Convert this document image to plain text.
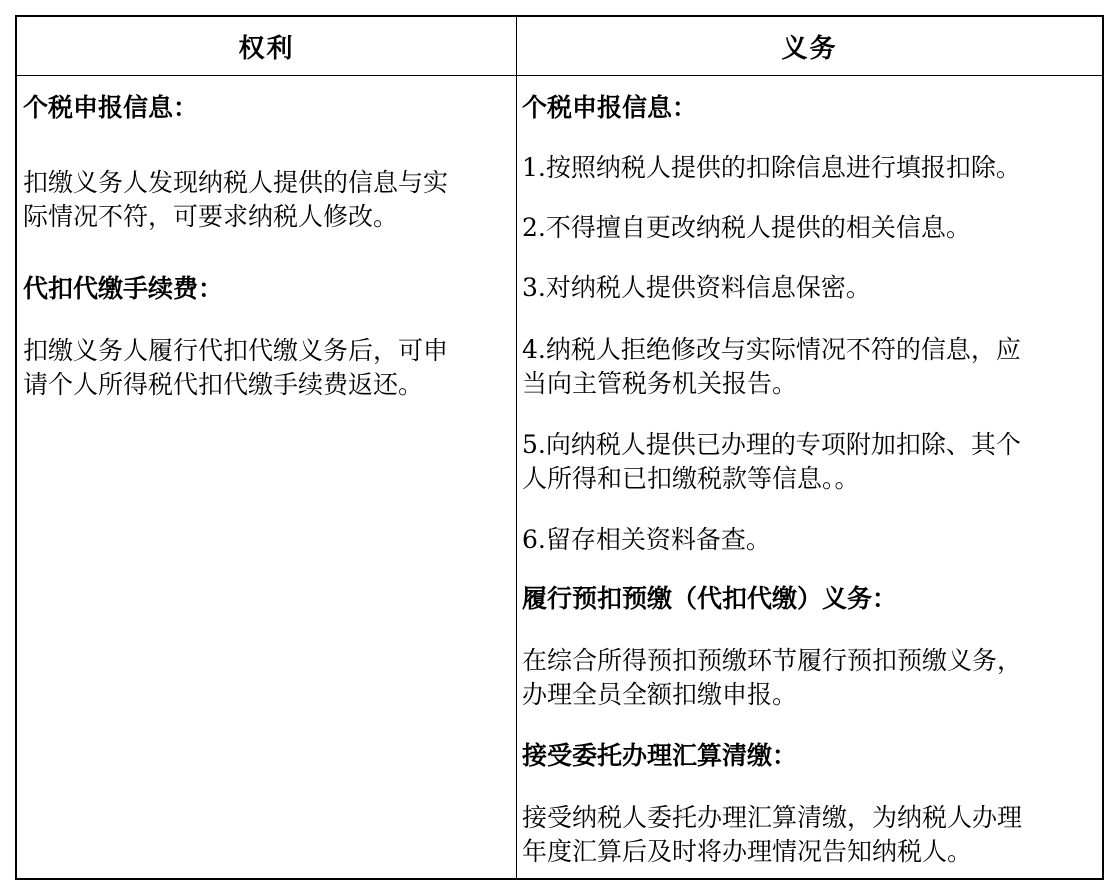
权利	义务
个税申报信息：
扣缴义务人发现纳税人提供的信息与实
际情况不符，可要求纳税人修改。
代扣代缴手续费：
扣缴义务人履行代扣代缴义务后，可申
请个人所得税代扣代缴手续费返还。
个税申报信息：
1.按照纳税人提供的扣除信息进行填报扣除。
2.不得擅自更改纳税人提供的相关信息。
3.对纳税人提供资料信息保密。
4.纳税人拒绝修改与实际情况不符的信息，应
当向主管税务机关报告。
5.向纳税人提供已办理的专项附加扣除、其个
人所得和已扣缴税款等信息。。
6.留存相关资料备查。
履行预扣预缴（代扣代缴）义务：
在综合所得预扣预缴环节履行预扣预缴义务，
办理全员全额扣缴申报。
接受委托办理汇算清缴：
接受纳税人委托办理汇算清缴，为纳税人办理
年度汇算后及时将办理情况告知纳税人。
